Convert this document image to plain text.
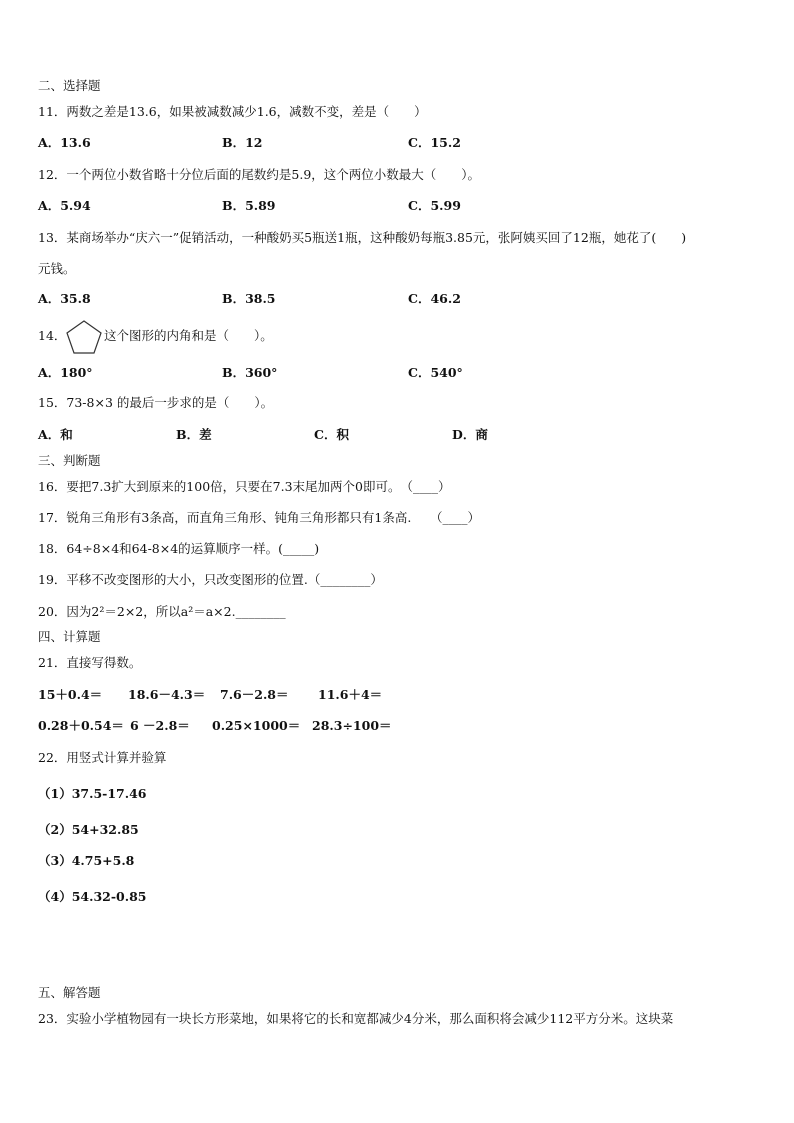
二、选择题
11．两数之差是13.6，如果被减数减少1.6，减数不变，差是（　　）
A．13.6	B．12	C．15.2
12．一个两位小数省略十分位后面的尾数约是5.9，这个两位小数最大（　　）。
A．5.94	B．5.89	C．5.99
13．某商场举办“庆六一”促销活动，一种酸奶买5瓶送1瓶，这种酸奶每瓶3.85元，张阿姨买回了12瓶，她花了(　　)
元钱。
A．35.8	B．38.5	C．46.2
14．	这个图形的内角和是（　　）。
A．180°	B．360°	C．540°
15．73-8×3 的最后一步求的是（　　）。
A．和	B．差	C．积	D．商
三、判断题
16．要把7.3扩大到原来的100倍，只要在7.3末尾加两个0即可。　（____）
17．锐角三角形有3条高，而直角三角形、钝角三角形都只有1条高.　　（____）
18．64÷8×4和64-8×4的运算顺序一样。(_____)
19．平移不改变图形的大小，只改变图形的位置.（________）
20．因为2²＝2×2，所以a²＝a×2.________
四、计算题
21．直接写得数。
15＋0.4＝ 18.6－4.3＝ 7.6－2.8＝ 11.6＋4＝
0.28＋0.54＝ 6 －2.8＝ 0.25×1000＝ 28.3÷100＝
22．用竖式计算并验算
（1）37.5-17.46
（2）54+32.85
（3）4.75+5.8
（4）54.32-0.85
五、解答题
23．实验小学植物园有一块长方形菜地，如果将它的长和宽都减少4分米，那么面积将会减少112平方分米。这块菜
